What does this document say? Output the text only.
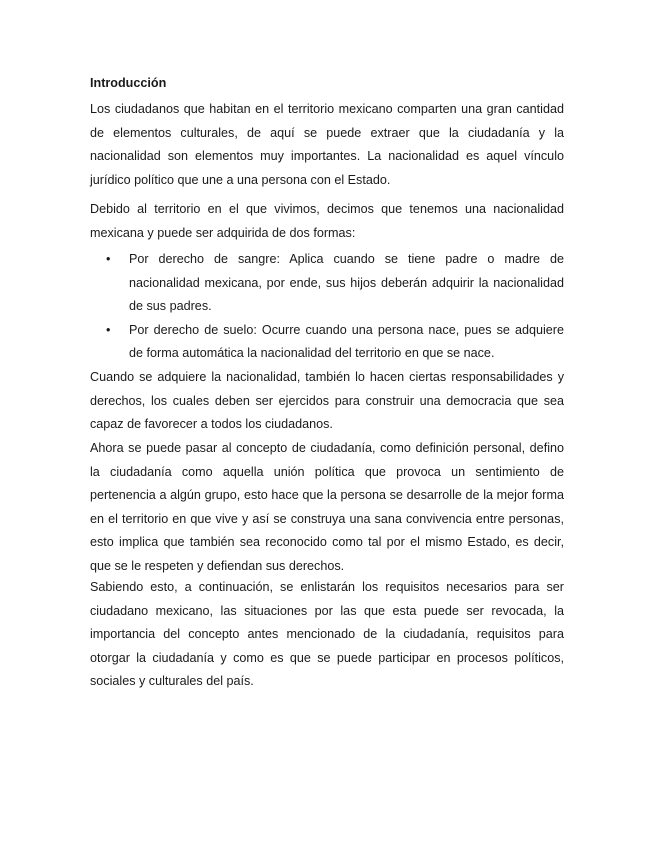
Introducción

Los ciudadanos que habitan en el territorio mexicano comparten una gran cantidad de elementos culturales, de aquí se puede extraer que la ciudadanía y la nacionalidad son elementos muy importantes. La nacionalidad es aquel vínculo jurídico político que une a una persona con el Estado.

Debido al territorio en el que vivimos, decimos que tenemos una nacionalidad mexicana y puede ser adquirida de dos formas:

• Por derecho de sangre: Aplica cuando se tiene padre o madre de nacionalidad mexicana, por ende, sus hijos deberán adquirir la nacionalidad de sus padres.
• Por derecho de suelo: Ocurre cuando una persona nace, pues se adquiere de forma automática la nacionalidad del territorio en que se nace.

Cuando se adquiere la nacionalidad, también lo hacen ciertas responsabilidades y derechos, los cuales deben ser ejercidos para construir una democracia que sea capaz de favorecer a todos los ciudadanos.

Ahora se puede pasar al concepto de ciudadanía, como definición personal, defino la ciudadanía como aquella unión política que provoca un sentimiento de pertenencia a algún grupo, esto hace que la persona se desarrolle de la mejor forma en el territorio en que vive y así se construya una sana convivencia entre personas, esto implica que también sea reconocido como tal por el mismo Estado, es decir, que se le respeten y defiendan sus derechos.

Sabiendo esto, a continuación, se enlistarán los requisitos necesarios para ser ciudadano mexicano, las situaciones por las que esta puede ser revocada, la importancia del concepto antes mencionado de la ciudadanía, requisitos para otorgar la ciudadanía y como es que se puede participar en procesos políticos, sociales y culturales del país.
